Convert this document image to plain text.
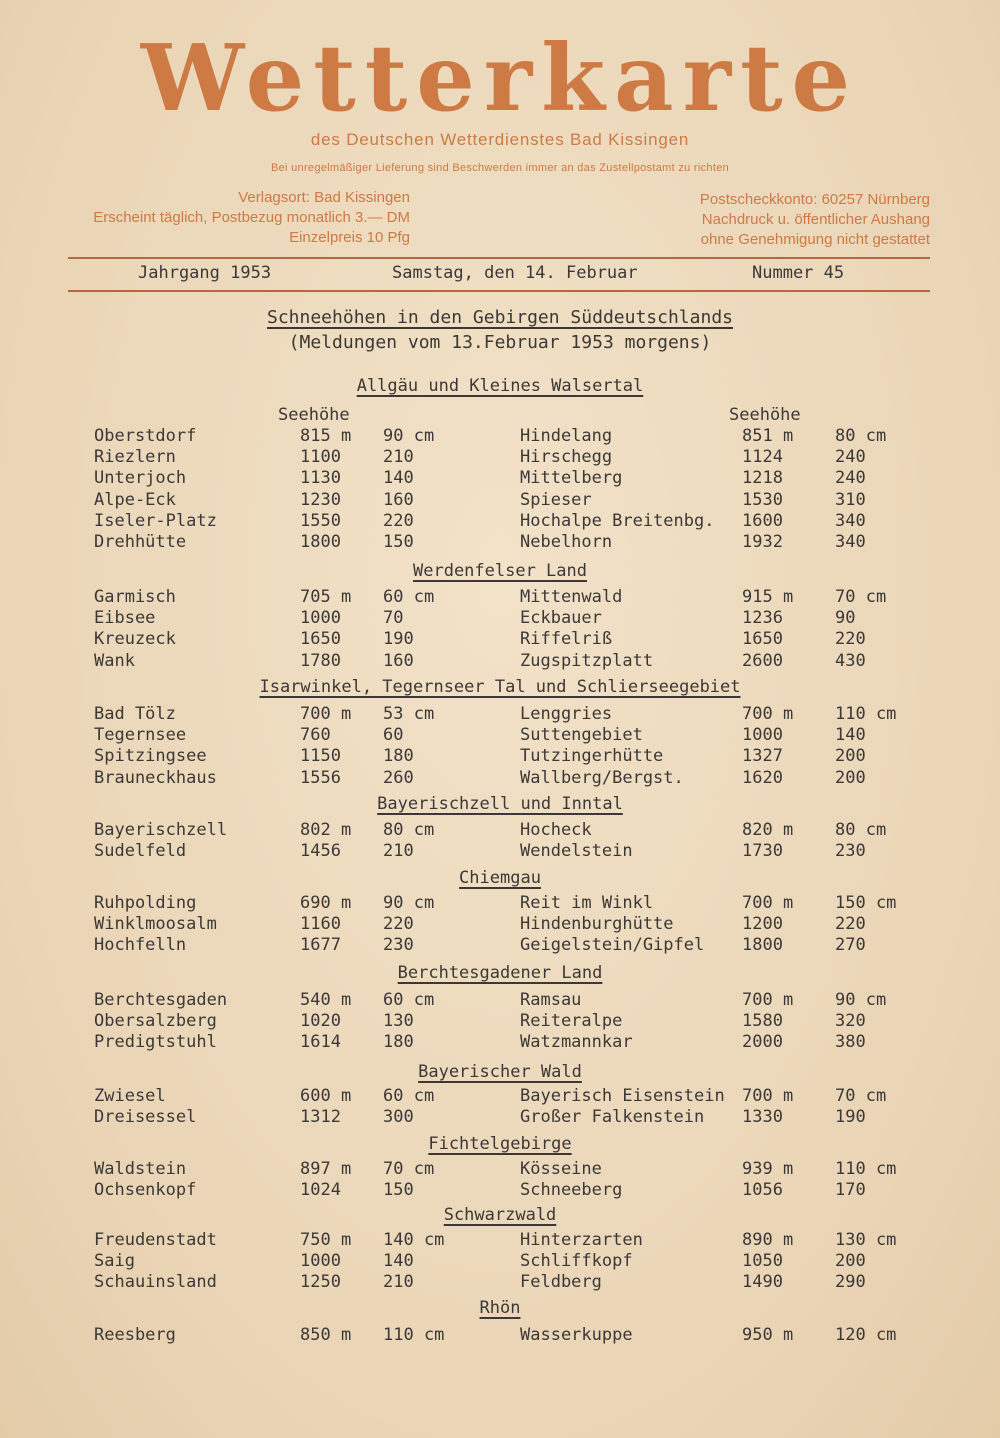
Wetterkarte
des Deutschen Wetterdienstes Bad Kissingen
Bei unregelmäßiger Lieferung sind Beschwerden immer an das Zustellpostamt zu richten
Verlagsort: Bad Kissingen
Erscheint täglich, Postbezug monatlich 3.— DM
Einzelpreis 10 Pfg
Postscheckkonto: 60257 Nürnberg
Nachdruck u. öffentlicher Aushang
ohne Genehmigung nicht gestattet
Jahrgang 1953	Samstag, den 14. Februar	Nummer 45
Schneehöhen in den Gebirgen Süddeutschlands
(Meldungen vom 13.Februar 1953 morgens)
Seehöhe	Seehöhe
Allgäu und Kleines Walsertal
Oberstdorf	815 m 90 cm	Hindelang	851 m 80 cm
Riezlern	1100 210	Hirschegg	1124	240
Unterjoch	1130 140	Mittelberg	1218	240
Alpe-Eck	1230 160	Spieser	1530	310
Iseler-Platz	1550 220	Hochalpe Breitenbg. 1600	340
Drehhütte	1800 150	Nebelhorn	1932	340
Werdenfelser Land
Garmisch	705 m 60 cm	Mittenwald	915 m 70 cm
Eibsee	1000 70	Eckbauer	1236	90
Kreuzeck	1650 190	Riffelriß	1650	220
Wank	1780 160	Zugspitzplatt	2600	430
Isarwinkel, Tegernseer Tal und Schlierseegebiet
Bad Tölz	700 m 53 cm	Lenggries	700 m 110 cm
Tegernsee	760	60	Suttengebiet	1000	140
Spitzingsee	1150 180	Tutzingerhütte	1327	200
Brauneckhaus	1556 260	Wallberg/Bergst.	1620	200
Bayerischzell und Inntal
Bayerischzell	802 m 80 cm	Hocheck	820 m 80 cm
Sudelfeld	1456 210	Wendelstein	1730	230
Chiemgau
Ruhpolding	690 m 90 cm	Reit im Winkl	700 m 150 cm
Winklmoosalm	1160 220	Hindenburghütte	1200	220
Hochfelln	1677 230	Geigelstein/Gipfel 1800	270
Berchtesgadener Land
Berchtesgaden	540 m 60 cm	Ramsau	700 m 90 cm
Obersalzberg	1020 130	Reiteralpe	1580	320
Predigtstuhl	1614 180	Watzmannkar	2000	380
Bayerischer Wald
Zwiesel	600 m 60 cm	Bayerisch Eisenstein 700 m 70 cm
Dreisessel	1312 300	Großer Falkenstein 1330	190
Fichtelgebirge
Waldstein	897 m 70 cm	Kösseine	939 m 110 cm
Ochsenkopf	1024 150	Schneeberg	1056	170
Schwarzwald
Freudenstadt	750 m 140 cm	Hinterzarten	890 m 130 cm
Saig	1000 140	Schliffkopf	1050	200
Schauinsland	1250 210	Feldberg	1490	290
Rhön
Reesberg	850 m 110 cm	Wasserkuppe	950 m 120 cm
